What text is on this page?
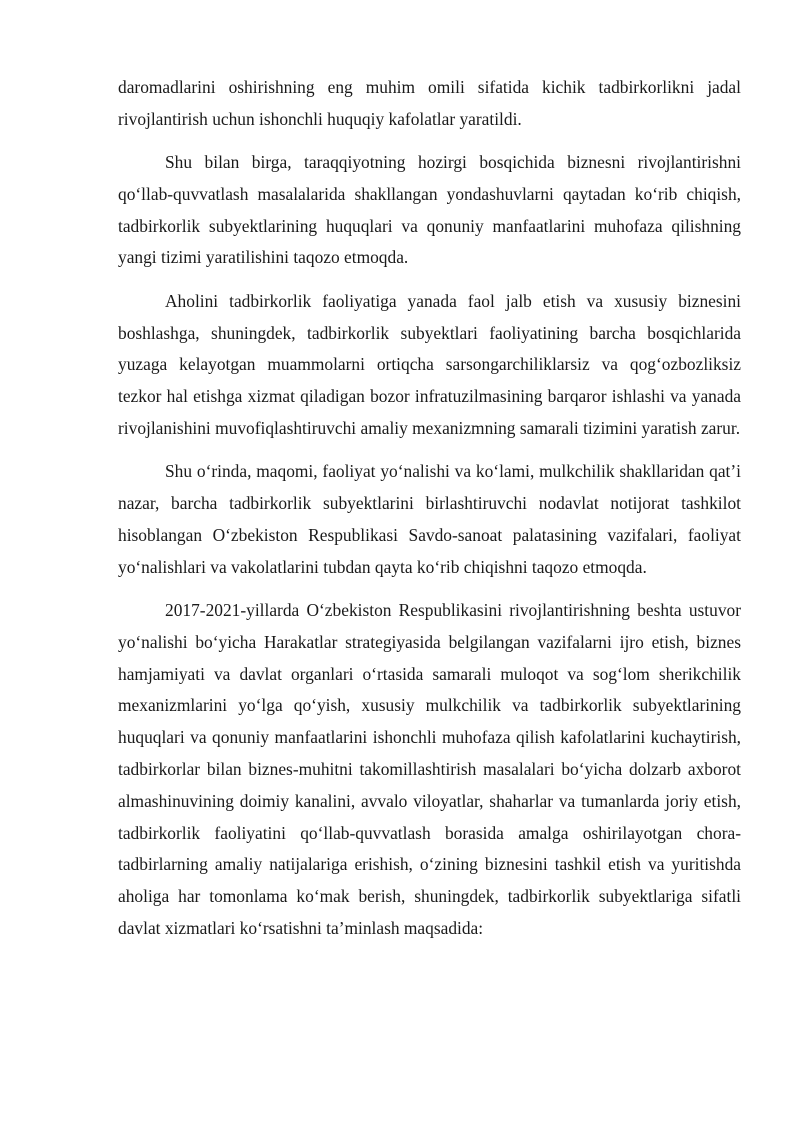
daromadlarini oshirishning eng muhim omili sifatida kichik tadbirkorlikni jadal rivojlantirish uchun ishonchli huquqiy kafolatlar yaratildi.

Shu bilan birga, taraqqiyotning hozirgi bosqichida biznesni rivojlantirishni qo‘llab-quvvatlash masalalarida shakllangan yondashuvlarni qaytadan ko‘rib chiqish, tadbirkorlik subyektlarining huquqlari va qonuniy manfaatlarini muhofaza qilishning yangi tizimi yaratilishini taqozo etmoqda.

Aholini tadbirkorlik faoliyatiga yanada faol jalb etish va xususiy biznesini boshlashga, shuningdek, tadbirkorlik subyektlari faoliyatining barcha bosqichlarida yuzaga kelayotgan muammolarni ortiqcha sarsongarchiliklarsiz va qog‘ozbozliksiz tezkor hal etishga xizmat qiladigan bozor infratuzilmasining barqaror ishlashi va yanada rivojlanishini muvofiqlashtiruvchi amaliy mexanizmning samarali tizimini yaratish zarur.

Shu o‘rinda, maqomi, faoliyat yo‘nalishi va ko‘lami, mulkchilik shakllaridan qat’i nazar, barcha tadbirkorlik subyektlarini birlashtiruvchi nodavlat notijorat tashkilot hisoblangan O‘zbekiston Respublikasi Savdo-sanoat palatasining vazifalari, faoliyat yo‘nalishlari va vakolatlarini tubdan qayta ko‘rib chiqishni taqozo etmoqda.

2017-2021-yillarda O‘zbekiston Respublikasini rivojlantirishning beshta ustuvor yo‘nalishi bo‘yicha Harakatlar strategiyasida belgilangan vazifalarni ijro etish, biznes hamjamiyati va davlat organlari o‘rtasida samarali muloqot va sog‘lom sherikchilik mexanizmlarini yo‘lga qo‘yish, xususiy mulkchilik va tadbirkorlik subyektlarining huquqlari va qonuniy manfaatlarini ishonchli muhofaza qilish kafolatlarini kuchaytirish, tadbirkorlar bilan biznes-muhitni takomillashtirish masalalari bo‘yicha dolzarb axborot almashinuvining doimiy kanalini, avvalo viloyatlar, shaharlar va tumanlarda joriy etish, tadbirkorlik faoliyatini qo‘llab-quvvatlash borasida amalga oshirilayotgan chora-tadbirlarning amaliy natijalariga erishish, o‘zining biznesini tashkil etish va yuritishda aholiga har tomonlama ko‘mak berish, shuningdek, tadbirkorlik subyektlariga sifatli davlat xizmatlari ko‘rsatishni ta’minlash maqsadida:
